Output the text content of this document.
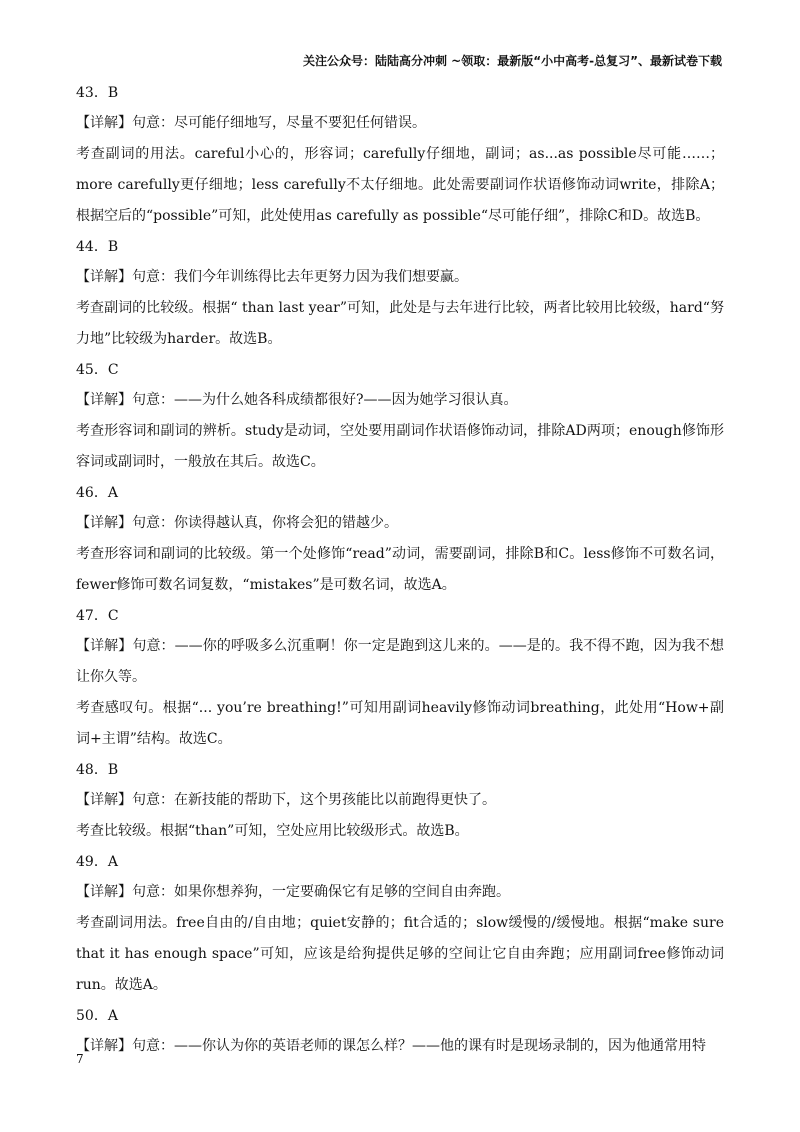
关注公众号：陆陆高分冲刺 ~领取：最新版“小中高考-总复习”、最新试卷下载
43．B
【详解】句意：尽可能仔细地写，尽量不要犯任何错误。
考查副词的用法。careful小心的，形容词；carefully仔细地，副词；as...as possible尽可能……；more carefully更仔细地；less carefully不太仔细地。此处需要副词作状语修饰动词write，排除A；根据空后的“possible”可知，此处使用as carefully as possible“尽可能仔细”，排除C和D。故选B。
44．B
【详解】句意：我们今年训练得比去年更努力因为我们想要赢。
考查副词的比较级。根据“ than last year”可知，此处是与去年进行比较，两者比较用比较级，hard“努力地”比较级为harder。故选B。
45．C
【详解】句意：——为什么她各科成绩都很好?——因为她学习很认真。
考查形容词和副词的辨析。study是动词，空处要用副词作状语修饰动词，排除AD两项；enough修饰形容词或副词时，一般放在其后。故选C。
46．A
【详解】句意：你读得越认真，你将会犯的错越少。
考查形容词和副词的比较级。第一个处修饰“read”动词，需要副词，排除B和C。less修饰不可数名词，fewer修饰可数名词复数，“mistakes”是可数名词，故选A。
47．C
【详解】句意：——你的呼吸多么沉重啊！你一定是跑到这儿来的。——是的。我不得不跑，因为我不想让你久等。
考查感叹句。根据“... you’re breathing!”可知用副词heavily修饰动词breathing，此处用“How+副词+主谓”结构。故选C。
48．B
【详解】句意：在新技能的帮助下，这个男孩能比以前跑得更快了。
考查比较级。根据“than”可知，空处应用比较级形式。故选B。
49．A
【详解】句意：如果你想养狗，一定要确保它有足够的空间自由奔跑。
考查副词用法。free自由的/自由地；quiet安静的；fit合适的；slow缓慢的/缓慢地。根据“make sure that it has enough space”可知，应该是给狗提供足够的空间让它自由奔跑；应用副词free修饰动词run。故选A。
50．A
【详解】句意：——你认为你的英语老师的课怎么样？——他的课有时是现场录制的，因为他通常用特
7
